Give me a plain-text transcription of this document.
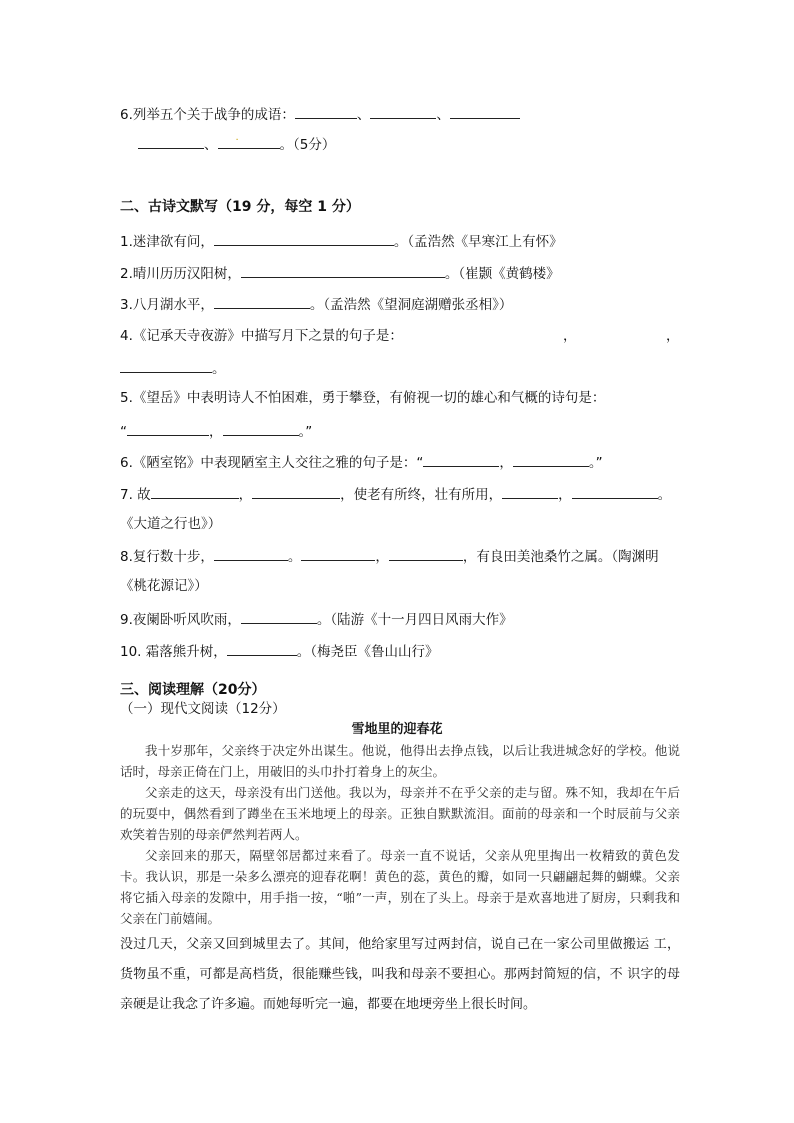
6.列举五个关于战争的成语：	、	、
、 ·	。（5分）
二、古诗文默写（19 分，每空 1 分）
1.迷津欲有问，	。（孟浩然《早寒江上有怀》
2.晴川历历汉阳树，	。（崔颢《黄鹤楼》
3.八月湖水平，	。（孟浩然《望洞庭湖赠张丞相》）
4.《记承天寺夜游》中描写月下之景的句子是：	，	，
。
5.《望岳》中表明诗人不怕困难，勇于攀登，有俯视一切的雄心和气概的诗句是：
“	，	。”
6.《陋室铭》中表现陋室主人交往之雅的句子是：“	，	。”
7. 故	，	，使老有所终，壮有所用，	，	。
《大道之行也》）
8.复行数十步，	。	，	，有良田美池桑竹之属。（陶渊明
《桃花源记》）
9.夜阑卧听风吹雨，	。（陆游《十一月四日风雨大作》
10. 霜落熊升树，	。（梅尧臣《鲁山山行》
三、阅读理解（20分）
（一）现代文阅读（12分）
雪地里的迎春花

我十岁那年，父亲终于决定外出谋生。他说，他得出去挣点钱，以后让我进城念好的学校。他说话时，母亲正倚在门上，用破旧的头巾扑打着身上的灰尘。

父亲走的这天，母亲没有出门送他。我以为，母亲并不在乎父亲的走与留。殊不知，我却在午后的玩耍中，偶然看到了蹲坐在玉米地埂上的母亲。正独自默默流泪。面前的母亲和一个时辰前与父亲欢笑着告别的母亲俨然判若两人。

父亲回来的那天，隔壁邻居都过来看了。母亲一直不说话，父亲从兜里掏出一枚精致的黄色发卡。我认识，那是一朵多么漂亮的迎春花啊！黄色的蕊，黄色的瓣，如同一只翩翩起舞的蝴蝶。父亲将它插入母亲的发隙中，用手指一按，“啪”一声，别在了头上。母亲于是欢喜地进了厨房，只剩我和父亲在门前嬉闹。

没过几天，父亲又回到城里去了。其间，他给家里写过两封信，说自己在一家公司里做搬运 工，货物虽不重，可都是高档货，很能赚些钱，叫我和母亲不要担心。那两封简短的信，不 识字的母亲硬是让我念了许多遍。而她每听完一遍，都要在地埂旁坐上很长时间。
